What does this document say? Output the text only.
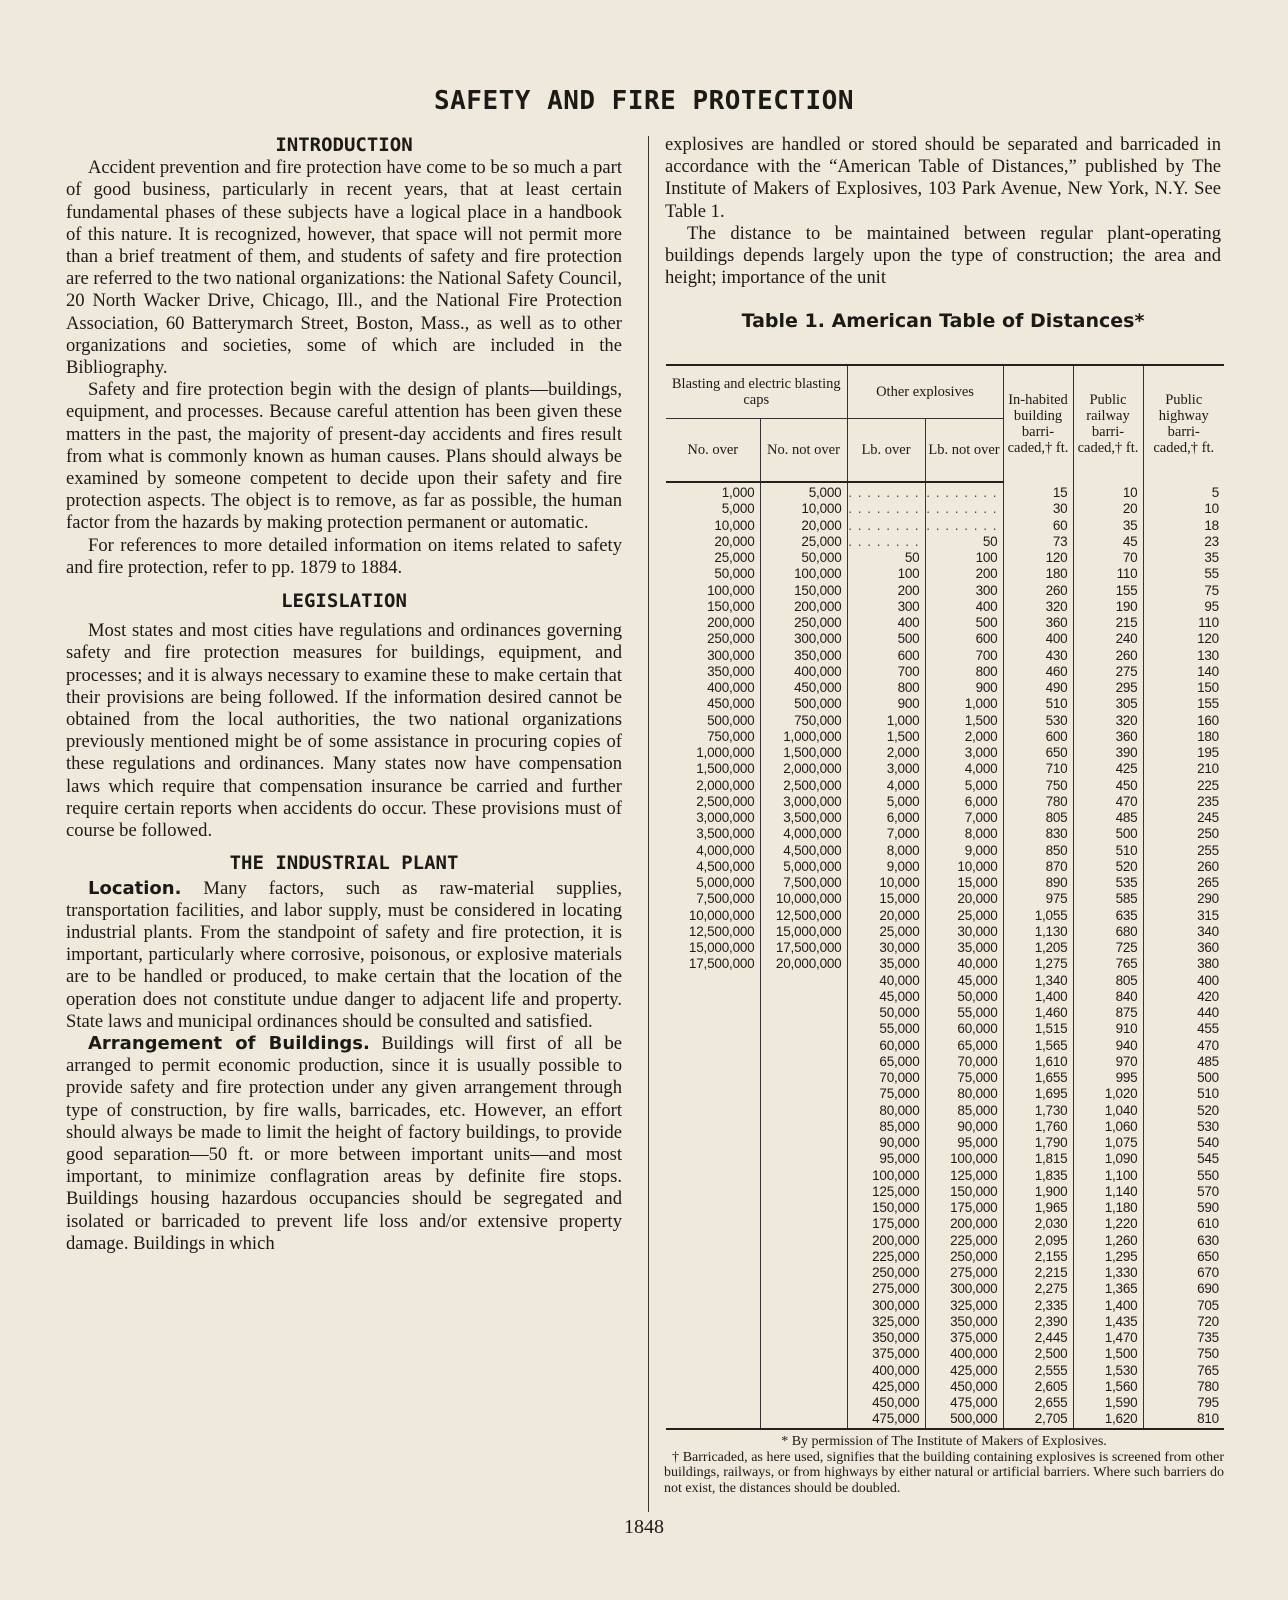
SAFETY AND FIRE PROTECTION
INTRODUCTION

Accident prevention and fire protection have come to be so much a part of good business, particularly in recent years, that at least certain fundamental phases of these subjects have a logical place in a handbook of this nature. It is recognized, however, that space will not permit more than a brief treatment of them, and students of safety and fire protection are referred to the two national organizations: the National Safety Council, 20 North Wacker Drive, Chicago, Ill., and the National Fire Protection Association, 60 Batterymarch Street, Boston, Mass., as well as to other organizations and societies, some of which are included in the Bibliography.

Safety and fire protection begin with the design of plants—buildings, equipment, and processes. Because careful attention has been given these matters in the past, the majority of present-day accidents and fires result from what is commonly known as human causes. Plans should always be examined by someone competent to decide upon their safety and fire protection aspects. The object is to remove, as far as possible, the human factor from the hazards by making protection permanent or automatic.

For references to more detailed information on items related to safety and fire protection, refer to pp. 1879 to 1884.

LEGISLATION

Most states and most cities have regulations and ordinances governing safety and fire protection measures for buildings, equipment, and processes; and it is always necessary to examine these to make certain that their provisions are being followed. If the information desired cannot be obtained from the local authorities, the two national organizations previously mentioned might be of some assistance in procuring copies of these regulations and ordinances. Many states now have compensation laws which require that compensation insurance be carried and further require certain reports when accidents do occur. These provisions must of course be followed.

THE INDUSTRIAL PLANT

Location. Many factors, such as raw-material supplies, transportation facilities, and labor supply, must be considered in locating industrial plants. From the standpoint of safety and fire protection, it is important, particularly where corrosive, poisonous, or explosive materials are to be handled or produced, to make certain that the location of the operation does not constitute undue danger to adjacent life and property. State laws and municipal ordinances should be consulted and satisfied.

Arrangement of Buildings. Buildings will first of all be arranged to permit economic production, since it is usually possible to provide safety and fire protection under any given arrangement through type of construction, by fire walls, barricades, etc. However, an effort should always be made to limit the height of factory buildings, to provide good separation—50 ft. or more between important units—and most important, to minimize conflagration areas by definite fire stops. Buildings housing hazardous occupancies should be segregated and isolated or barricaded to prevent life loss and/or extensive property damage. Buildings in which

explosives are handled or stored should be separated and barricaded in accordance with the “American Table of Distances,” published by The Institute of Makers of Explosives, 103 Park Avenue, New York, N.Y. See Table 1.

The distance to be maintained between regular plant-operating buildings depends largely upon the type of construction; the area and height; importance of the unit

Table 1. American Table of Distances*
Blasting and electric blasting caps		Other explosives		In-habited building barri-caded,† ft.	Public railway barri-caded,† ft.	Public highway barri-caded,† ft.
No. over	No. not over	Lb. over	Lb. not over			
1,000	5,000	. . . . . . . .	. . . . . . . .	15	10	5
5,000	10,000	. . . . . . . .	. . . . . . . .	30	20	10
10,000	20,000	. . . . . . . .	. . . . . . . .	60	35	18
20,000	25,000	. . . . . . . .	50	73	45	23
25,000	50,000	50	100	120	70	35
50,000	100,000	100	200	180	110	55
100,000	150,000	200	300	260	155	75
150,000	200,000	300	400	320	190	95
200,000	250,000	400	500	360	215	110
250,000	300,000	500	600	400	240	120
300,000	350,000	600	700	430	260	130
350,000	400,000	700	800	460	275	140
400,000	450,000	800	900	490	295	150
450,000	500,000	900	1,000	510	305	155
500,000	750,000	1,000	1,500	530	320	160
750,000	1,000,000	1,500	2,000	600	360	180
1,000,000	1,500,000	2,000	3,000	650	390	195
1,500,000	2,000,000	3,000	4,000	710	425	210
2,000,000	2,500,000	4,000	5,000	750	450	225
2,500,000	3,000,000	5,000	6,000	780	470	235
3,000,000	3,500,000	6,000	7,000	805	485	245
3,500,000	4,000,000	7,000	8,000	830	500	250
4,000,000	4,500,000	8,000	9,000	850	510	255
4,500,000	5,000,000	9,000	10,000	870	520	260
5,000,000	7,500,000	10,000	15,000	890	535	265
7,500,000	10,000,000	15,000	20,000	975	585	290
10,000,000	12,500,000	20,000	25,000	1,055	635	315
12,500,000	15,000,000	25,000	30,000	1,130	680	340
15,000,000	17,500,000	30,000	35,000	1,205	725	360
17,500,000	20,000,000	35,000	40,000	1,275	765	380
		40,000	45,000	1,340	805	400
		45,000	50,000	1,400	840	420
		50,000	55,000	1,460	875	440
		55,000	60,000	1,515	910	455
		60,000	65,000	1,565	940	470
		65,000	70,000	1,610	970	485
		70,000	75,000	1,655	995	500
		75,000	80,000	1,695	1,020	510
		80,000	85,000	1,730	1,040	520
		85,000	90,000	1,760	1,060	530
		90,000	95,000	1,790	1,075	540
		95,000	100,000	1,815	1,090	545
		100,000	125,000	1,835	1,100	550
		125,000	150,000	1,900	1,140	570
		150,000	175,000	1,965	1,180	590
		175,000	200,000	2,030	1,220	610
		200,000	225,000	2,095	1,260	630
		225,000	250,000	2,155	1,295	650
		250,000	275,000	2,215	1,330	670
		275,000	300,000	2,275	1,365	690
		300,000	325,000	2,335	1,400	705
		325,000	350,000	2,390	1,435	720
		350,000	375,000	2,445	1,470	735
		375,000	400,000	2,500	1,500	750
		400,000	425,000	2,555	1,530	765
		425,000	450,000	2,605	1,560	780
		450,000	475,000	2,655	1,590	795
		475,000	500,000	2,705	1,620	810

* By permission of The Institute of Makers of Explosives.

† Barricaded, as here used, signifies that the building containing explosives is screened from other buildings, railways, or from highways by either natural or artificial barriers. Where such barriers do not exist, the distances should be doubled.

1848
